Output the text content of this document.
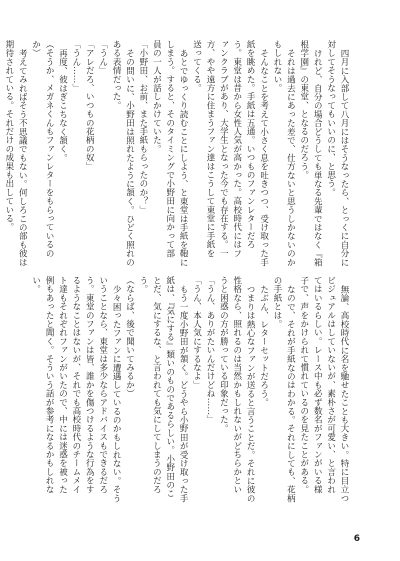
四月に入部して八月にはそうなったら、とっくに自分に対してそうなってもいいのに、と思う。

けれど、自分の場合どうしても単なる先輩ではなく『箱根学園』の東堂、となるのだろう。

それは過去にあった差で、仕方ないと思うしかないのかもしれない。

そんなことを考えて小さく息を吐きつつ、受け取った手紙を眺めた。手紙は五通。いつものファンレターだろう。東堂は昔から女性人気が高かった。高校時代にはファンクラブがあり、大学生となった今でも存在する。一方、やや遠方に住まうファン達はこうして東堂に手紙を送ってくる。

あとでゆっくり読むことにしよう、と東堂は手紙を鞄にしまう。すると、そのタイミングで小野田に向かって部員の一人が話しかけていた。

「小野田、お前、また手紙もらったのか？」

その問いに、小野田は照れたように頷く。ひどく照れのある表情だった。

「うん」

「アレだろ、いつもの花柄の奴」

「うん……」

再度、彼はぎこちなく頷く。

（そうか、メガネくんもファンレターをもらっているのか）

考えてみればそう不思議でもない。何しろこの部も彼は期待されている。それだけの成果も出している。

無論、高校時代に名を馳せたことも大きい。特に目立つビジュアルはしていないが、素朴さが可愛い、と言われてはいるらしい。レース中も必ず数名がファンがいる様子で、声をかけられて慣れているのを見たことがある。

なので、それが手紙なのはわかる。それにしても、花柄の手紙とは。

たぶん、レターセットだろう。

つまりは熱心なファンが送ると言うことだ。それに彼の性格なら、照れるのは当然かもしれないがどちらかというと困惑の方が勝っている印象だった。

「うん、ありがたいんだけどね……」

「うん、本人気にするなよ」

もう一度小野田が頷く。どうやら小野田が受け取った手紙は、『気にする』類いのものであるらしい。小野田のことだ、気にするな、と言われても気にしてしまうのだろう。

（ならば、後で聞いてみるか）

少々困ったファンに遭遇しているのかもしれない。そういうことなら、東堂は多少ならアドバイスもできるだろう。東堂のファンは皆、誰かを傷つけるような行為をするようなことはないが、それでも高校時代のチームメイト達もそれぞれファンがいたので、中には迷惑を被った例もあったと聞く。そういう話が参考になるかもしれない。

6
